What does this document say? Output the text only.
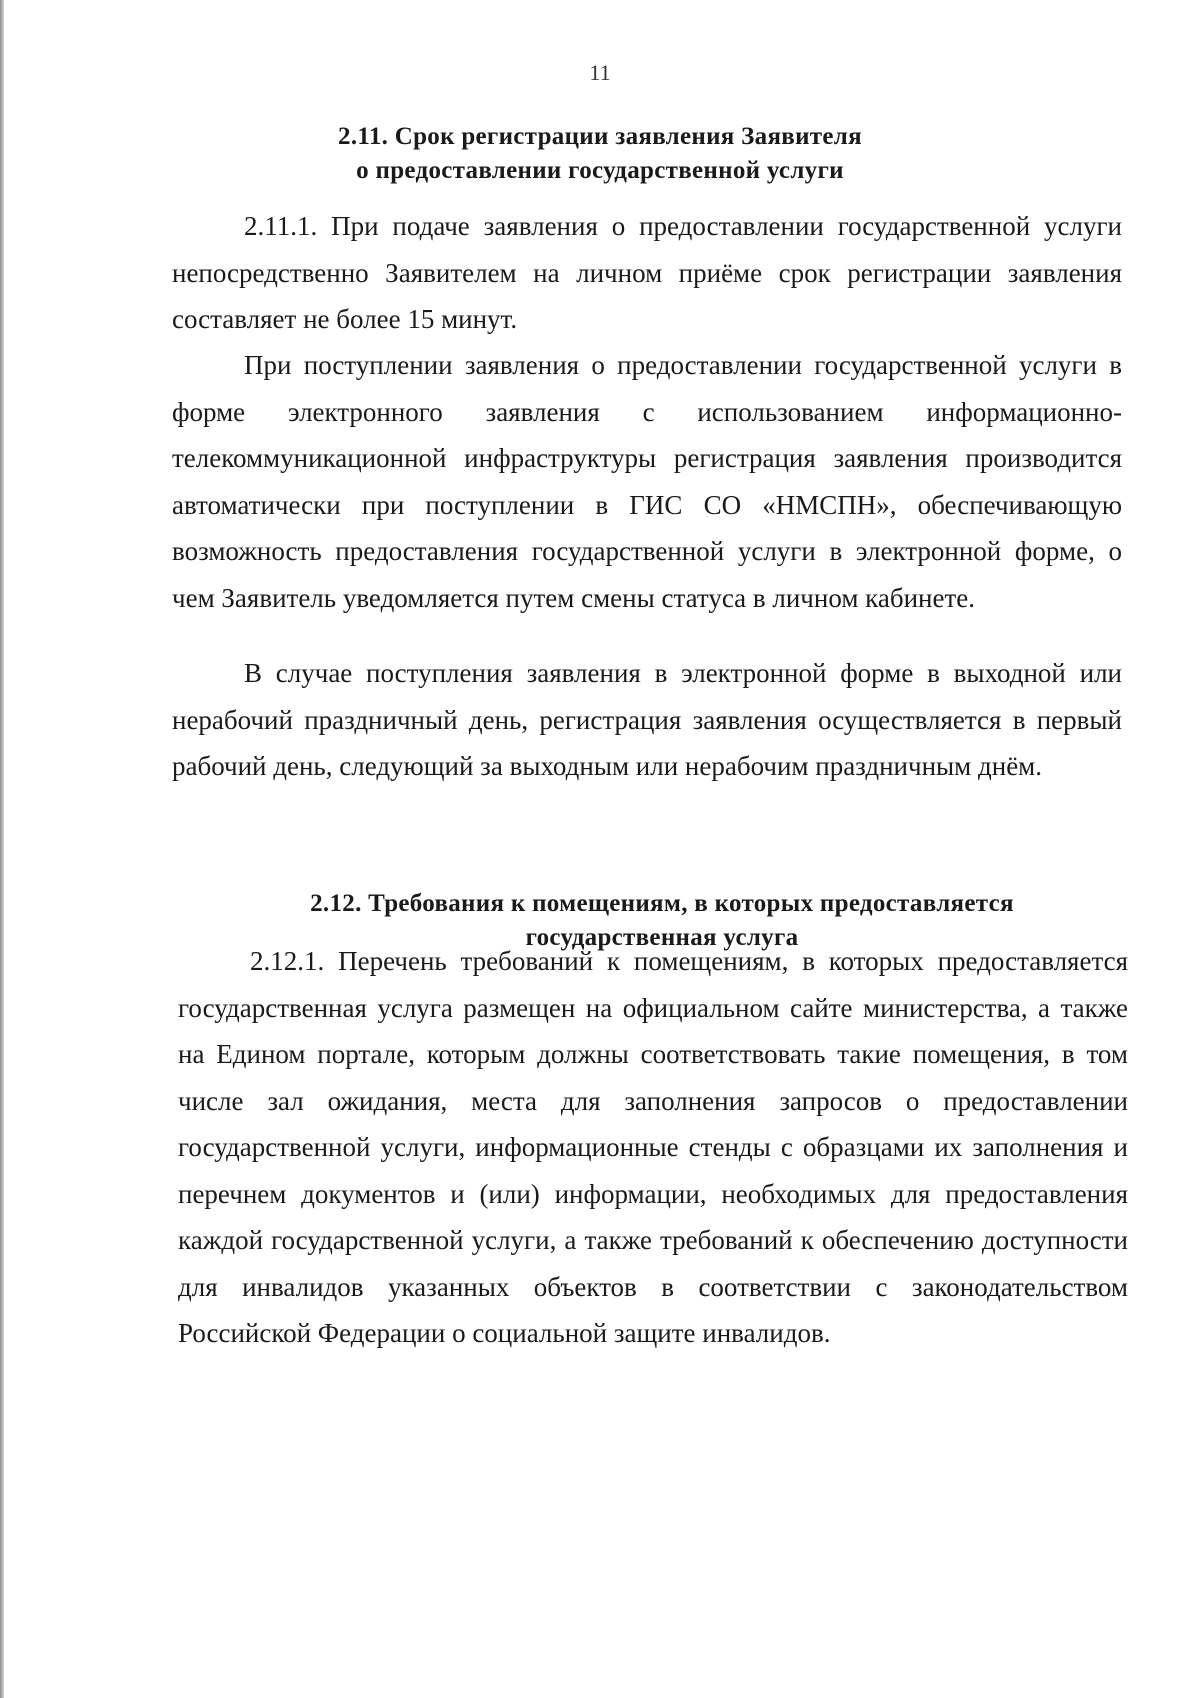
11
2.11. Срок регистрации заявления Заявителя
о предоставлении государственной услуги
2.11.1. При подаче заявления о предоставлении государственной услуги непосредственно Заявителем на личном приёме срок регистрации заявления составляет не более 15 минут.
При поступлении заявления о предоставлении государственной услуги в форме электронного заявления с использованием информационно-телекоммуникационной инфраструктуры регистрация заявления производится автоматически при поступлении в ГИС СО «НМСПН», обеспечивающую возможность предоставления государственной услуги в электронной форме, о чем Заявитель уведомляется путем смены статуса в личном кабинете.
В случае поступления заявления в электронной форме в выходной или нерабочий праздничный день, регистрация заявления осуществляется в первый рабочий день, следующий за выходным или нерабочим праздничным днём.
2.12. Требования к помещениям, в которых предоставляется
государственная услуга
2.12.1. Перечень требований к помещениям, в которых предоставляется государственная услуга размещен на официальном сайте министерства, а также на Едином портале, которым должны соответствовать такие помещения, в том числе зал ожидания, места для заполнения запросов о предоставлении государственной услуги, информационные стенды с образцами их заполнения и перечнем документов и (или) информации, необходимых для предоставления каждой государственной услуги, а также требований к обеспечению доступности для инвалидов указанных объектов в соответствии с законодательством Российской Федерации о социальной защите инвалидов.
